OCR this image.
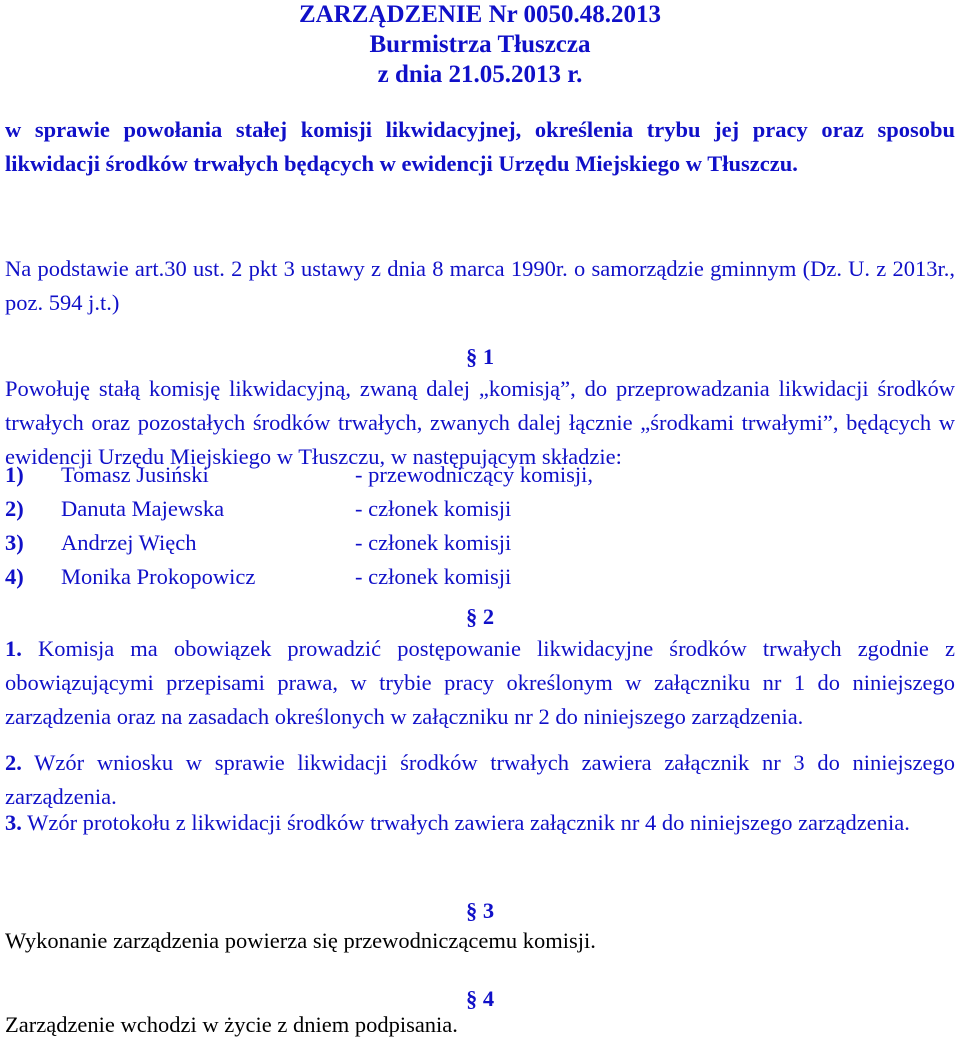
ZARZĄDZENIE Nr 0050.48.2013
Burmistrza Tłuszcza
z dnia 21.05.2013 r.
w sprawie powołania stałej komisji likwidacyjnej, określenia trybu jej pracy oraz sposobu likwidacji środków trwałych będących w ewidencji Urzędu Miejskiego w Tłuszczu.
Na podstawie art.30 ust. 2 pkt 3 ustawy z dnia 8 marca 1990r. o samorządzie gminnym (Dz. U. z 2013r., poz. 594 j.t.)
§ 1
Powołuję stałą komisję likwidacyjną, zwaną dalej „komisją”, do przeprowadzania likwidacji środków trwałych oraz pozostałych środków trwałych, zwanych dalej łącznie „środkami trwałymi”, będących w ewidencji Urzędu Miejskiego w Tłuszczu, w następującym składzie:
1)	Tomasz Jusiński	- przewodniczący komisji,
2)	Danuta Majewska	- członek komisji
3)	Andrzej Więch	- członek komisji
4)	Monika Prokopowicz	- członek komisji
§ 2
1. Komisja ma obowiązek prowadzić postępowanie likwidacyjne środków trwałych zgodnie z obowiązującymi przepisami prawa, w trybie pracy określonym w załączniku nr 1 do niniejszego zarządzenia oraz na zasadach określonych w załączniku nr 2 do niniejszego zarządzenia.
2. Wzór wniosku w sprawie likwidacji środków trwałych zawiera załącznik nr 3 do niniejszego zarządzenia.
3. Wzór protokołu z likwidacji środków trwałych zawiera załącznik nr 4 do niniejszego zarządzenia.
§ 3
Wykonanie zarządzenia powierza się przewodniczącemu komisji.
§ 4
Zarządzenie wchodzi w życie z dniem podpisania.
